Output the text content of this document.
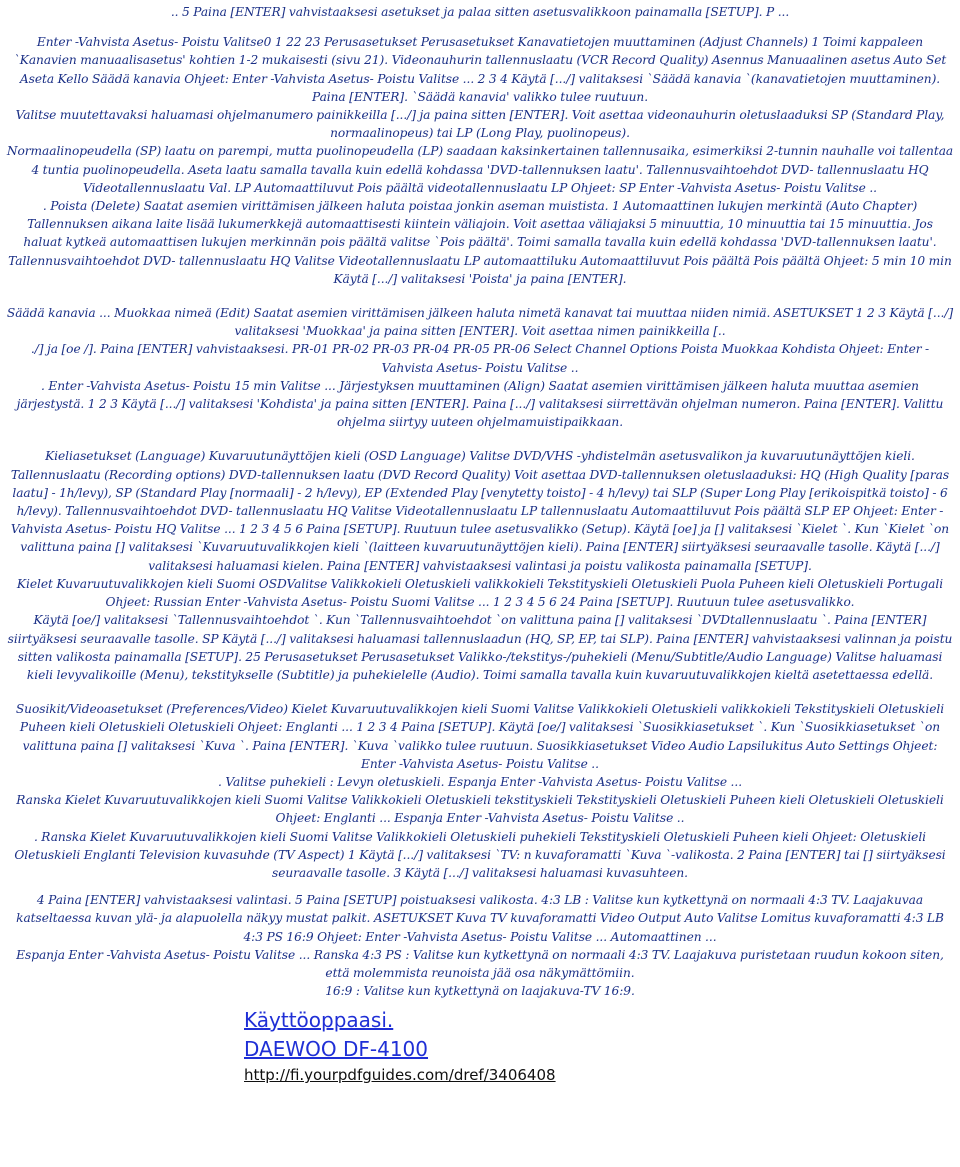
.. 5 Paina [ENTER] vahvistaaksesi asetukset ja palaa sitten asetusvalikkoon painamalla [SETUP]. P ...

Enter -Vahvista Asetus- Poistu Valitse0 1 22 23 Perusasetukset Perusasetukset Kanavatietojen muuttaminen (Adjust Channels) 1 Toimi kappaleen `Kanavien manuaalisasetus' kohtien 1-2 mukaisesti (sivu 21). Videonauhurin tallennuslaatu (VCR Record Quality) Asennus Manuaalinen asetus Auto Set Aseta Kello Säädä kanavia Ohjeet: Enter -Vahvista Asetus- Poistu Valitse ... 2 3 4 Käytä [.../] valitaksesi `Säädä kanavia `(kanavatietojen muuttaminen). Paina [ENTER]. `Säädä kanavia' valikko tulee ruutuun.

Valitse muutettavaksi haluamasi ohjelmanumero painikkeilla [.../] ja paina sitten [ENTER]. Voit asettaa videonauhurin oletuslaaduksi SP (Standard Play, normaalinopeus) tai LP (Long Play, puolinopeus).

Normaalinopeudella (SP) laatu on parempi, mutta puolinopeudella (LP) saadaan kaksinkertainen tallennusaika, esimerkiksi 2-tunnin nauhalle voi tallentaa 4 tuntia puolinopeudella. Aseta laatu samalla tavalla kuin edellä kohdassa 'DVD-tallennuksen laatu'. Tallennusvaihtoehdot DVD- tallennuslaatu HQ Videotallennuslaatu Val. LP Automaattiluvut Pois päältä videotallennuslaatu LP Ohjeet: SP Enter -Vahvista Asetus- Poistu Valitse ..

. Poista (Delete) Saatat asemien virittämisen jälkeen haluta poistaa jonkin aseman muistista. 1 Automaattinen lukujen merkintä (Auto Chapter) Tallennuksen aikana laite lisää lukumerkkejä automaattisesti kiintein väliajoin. Voit asettaa väliajaksi 5 minuuttia, 10 minuuttia tai 15 minuuttia. Jos haluat kytkeä automaattisen lukujen merkinnän pois päältä valitse `Pois päältä'. Toimi samalla tavalla kuin edellä kohdassa 'DVD-tallennuksen laatu'.

Tallennusvaihtoehdot DVD- tallennuslaatu HQ Valitse Videotallennuslaatu LP automaattiluku Automaattiluvut Pois päältä Pois päältä Ohjeet: 5 min 10 min Käytä [.../] valitaksesi 'Poista' ja paina [ENTER].

Säädä kanavia ... Muokkaa nimeä (Edit) Saatat asemien virittämisen jälkeen haluta nimetä kanavat tai muuttaa niiden nimiä. ASETUKSET 1 2 3 Käytä [.../] valitaksesi 'Muokkaa' ja paina sitten [ENTER]. Voit asettaa nimen painikkeilla [..

./] ja [oe /]. Paina [ENTER] vahvistaaksesi. PR-01 PR-02 PR-03 PR-04 PR-05 PR-06 Select Channel Options Poista Muokkaa Kohdista Ohjeet: Enter -Vahvista Asetus- Poistu Valitse ..

. Enter -Vahvista Asetus- Poistu 15 min Valitse ... Järjestyksen muuttaminen (Align) Saatat asemien virittämisen jälkeen haluta muuttaa asemien järjestystä. 1 2 3 Käytä [.../] valitaksesi 'Kohdista' ja paina sitten [ENTER]. Paina [.../] valitaksesi siirrettävän ohjelman numeron. Paina [ENTER]. Valittu ohjelma siirtyy uuteen ohjelmamuistipaikkaan.

Kieliasetukset (Language) Kuvaruutunäyttöjen kieli (OSD Language) Valitse DVD/VHS -yhdistelmän asetusvalikon ja kuvaruutunäyttöjen kieli. Tallennuslaatu (Recording options) DVD-tallennuksen laatu (DVD Record Quality) Voit asettaa DVD-tallennuksen oletuslaaduksi: HQ (High Quality [paras laatu] - 1h/levy), SP (Standard Play [normaali] - 2 h/levy), EP (Extended Play [venytetty toisto] - 4 h/levy) tai SLP (Super Long Play [erikoispitkä toisto] - 6 h/levy). Tallennusvaihtoehdot DVD- tallennuslaatu HQ Valitse Videotallennuslaatu LP tallennuslaatu Automaattiluvut Pois päältä SLP EP Ohjeet: Enter -Vahvista Asetus- Poistu HQ Valitse ... 1 2 3 4 5 6 Paina [SETUP]. Ruutuun tulee asetusvalikko (Setup). Käytä [oe] ja [] valitaksesi `Kielet `. Kun `Kielet `on valittuna paina [] valitaksesi `Kuvaruutuvalikkojen kieli `(laitteen kuvaruutunäyttöjen kieli). Paina [ENTER] siirtyäksesi seuraavalle tasolle. Käytä [.../] valitaksesi haluamasi kielen. Paina [ENTER] vahvistaaksesi valintasi ja poistu valikosta painamalla [SETUP].

Kielet Kuvaruutuvalikkojen kieli Suomi OSDValitse Valikkokieli Oletuskieli valikkokieli Tekstityskieli Oletuskieli Puola Puheen kieli Oletuskieli Portugali Ohjeet: Russian Enter -Vahvista Asetus- Poistu Suomi Valitse ... 1 2 3 4 5 6 24 Paina [SETUP]. Ruutuun tulee asetusvalikko.

Käytä [oe/] valitaksesi `Tallennusvaihtoehdot `. Kun `Tallennusvaihtoehdot `on valittuna paina [] valitaksesi `DVDtallennuslaatu `. Paina [ENTER] siirtyäksesi seuraavalle tasolle. SP Käytä [.../] valitaksesi haluamasi tallennuslaadun (HQ, SP, EP, tai SLP). Paina [ENTER] vahvistaaksesi valinnan ja poistu sitten valikosta painamalla [SETUP]. 25 Perusasetukset Perusasetukset Valikko-/tekstitys-/puhekieli (Menu/Subtitle/Audio Language) Valitse haluamasi kieli levyvalikoille (Menu), tekstitykselle (Subtitle) ja puhekielelle (Audio). Toimi samalla tavalla kuin kuvaruutuvalikkojen kieltä asetettaessa edellä.

Suosikit/Videoasetukset (Preferences/Video) Kielet Kuvaruutuvalikkojen kieli Suomi Valitse Valikkokieli Oletuskieli valikkokieli Tekstityskieli Oletuskieli Puheen kieli Oletuskieli Oletuskieli Ohjeet: Englanti ... 1 2 3 4 Paina [SETUP]. Käytä [oe/] valitaksesi `Suosikkiasetukset `. Kun `Suosikkiasetukset `on valittuna paina [] valitaksesi `Kuva `. Paina [ENTER]. `Kuva `valikko tulee ruutuun. Suosikkiasetukset Video Audio Lapsilukitus Auto Settings Ohjeet: Enter -Vahvista Asetus- Poistu Valitse ..

. Valitse puhekieli : Levyn oletuskieli. Espanja Enter -Vahvista Asetus- Poistu Valitse ...

Ranska Kielet Kuvaruutuvalikkojen kieli Suomi Valitse Valikkokieli Oletuskieli tekstityskieli Tekstityskieli Oletuskieli Puheen kieli Oletuskieli Oletuskieli Ohjeet: Englanti ... Espanja Enter -Vahvista Asetus- Poistu Valitse ..

. Ranska Kielet Kuvaruutuvalikkojen kieli Suomi Valitse Valikkokieli Oletuskieli puhekieli Tekstityskieli Oletuskieli Puheen kieli Ohjeet: Oletuskieli Oletuskieli Englanti Television kuvasuhde (TV Aspect) 1 Käytä [.../] valitaksesi `TV: n kuvaforamatti `Kuva `-valikosta. 2 Paina [ENTER] tai [] siirtyäksesi seuraavalle tasolle. 3 Käytä [.../] valitaksesi haluamasi kuvasuhteen.

4 Paina [ENTER] vahvistaaksesi valintasi. 5 Paina [SETUP] poistuaksesi valikosta. 4:3 LB : Valitse kun kytkettynä on normaali 4:3 TV. Laajakuvaa katseltaessa kuvan ylä- ja alapuolella näkyy mustat palkit. ASETUKSET Kuva TV kuvaforamatti Video Output Auto Valitse Lomitus kuvaforamatti 4:3 LB 4:3 PS 16:9 Ohjeet: Enter -Vahvista Asetus- Poistu Valitse ... Automaattinen ...

Espanja Enter -Vahvista Asetus- Poistu Valitse ... Ranska 4:3 PS : Valitse kun kytkettynä on normaali 4:3 TV. Laajakuva puristetaan ruudun kokoon siten, että molemmista reunoista jää osa näkymättömiin.

16:9 : Valitse kun kytkettynä on laajakuva-TV 16:9.

Käyttöoppaasi.
DAEWOO DF-4100
http://fi.yourpdfguides.com/dref/3406408
